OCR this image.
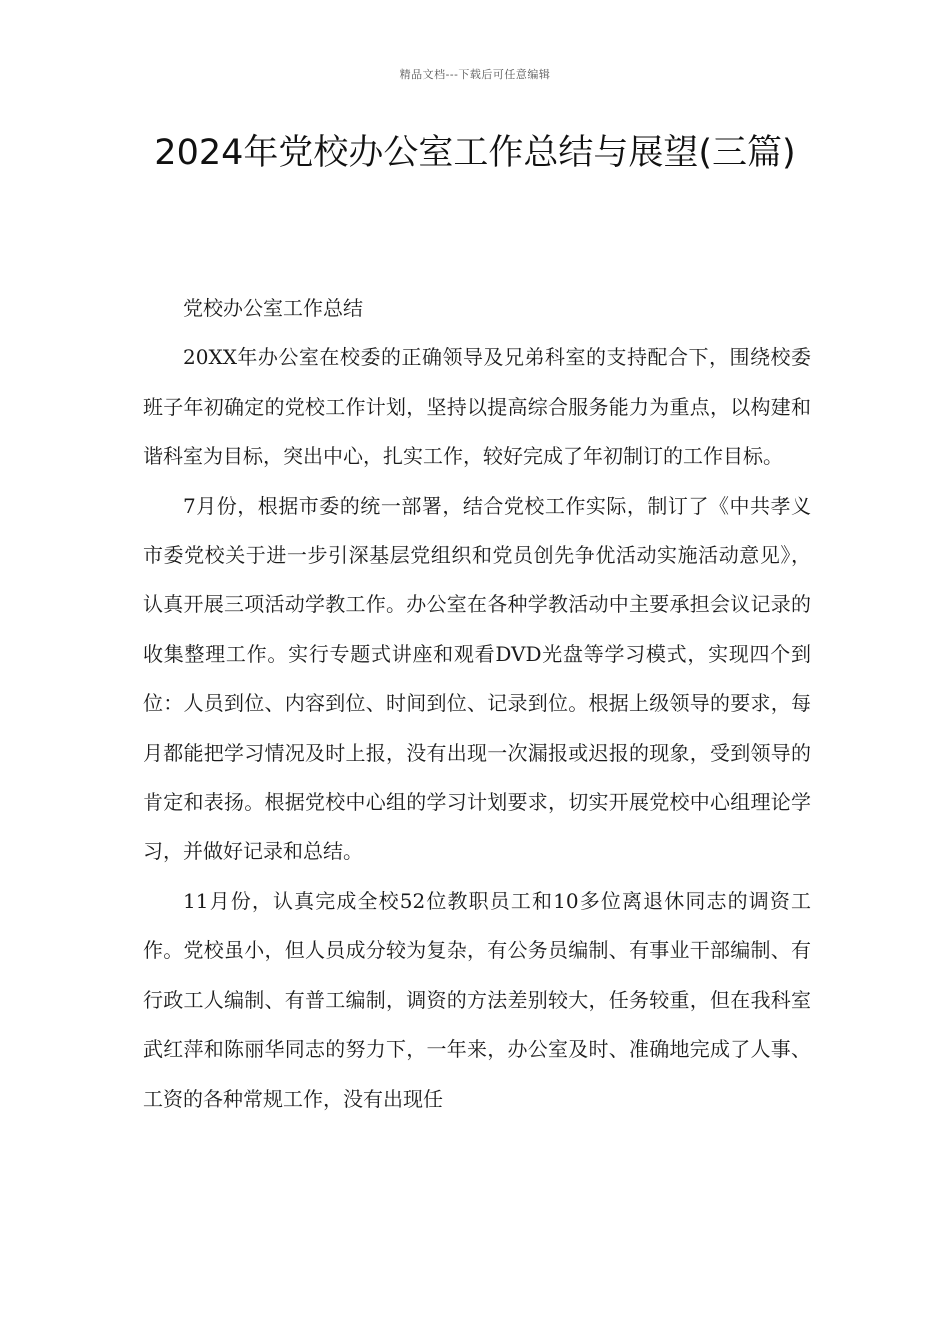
精品文档---下载后可任意编辑
2024年党校办公室工作总结与展望(三篇)

党校办公室工作总结

20XX年办公室在校委的正确领导及兄弟科室的支持配合下，围绕校委班子年初确定的党校工作计划，坚持以提高综合服务能力为重点，以构建和谐科室为目标，突出中心，扎实工作，较好完成了年初制订的工作目标。

7月份，根据市委的统一部署，结合党校工作实际，制订了《中共孝义市委党校关于进一步引深基层党组织和党员创先争优活动实施活动意见》，认真开展三项活动学教工作。办公室在各种学教活动中主要承担会议记录的收集整理工作。实行专题式讲座和观看DVD光盘等学习模式，实现四个到位：人员到位、内容到位、时间到位、记录到位。根据上级领导的要求，每月都能把学习情况及时上报，没有出现一次漏报或迟报的现象，受到领导的肯定和表扬。根据党校中心组的学习计划要求，切实开展党校中心组理论学习，并做好记录和总结。

11月份，认真完成全校52位教职员工和10多位离退休同志的调资工作。党校虽小，但人员成分较为复杂，有公务员编制、有事业干部编制、有行政工人编制、有普工编制，调资的方法差别较大，任务较重，但在我科室武红萍和陈丽华同志的努力下，一年来，办公室及时、准确地完成了人事、工资的各种常规工作，没有出现任
